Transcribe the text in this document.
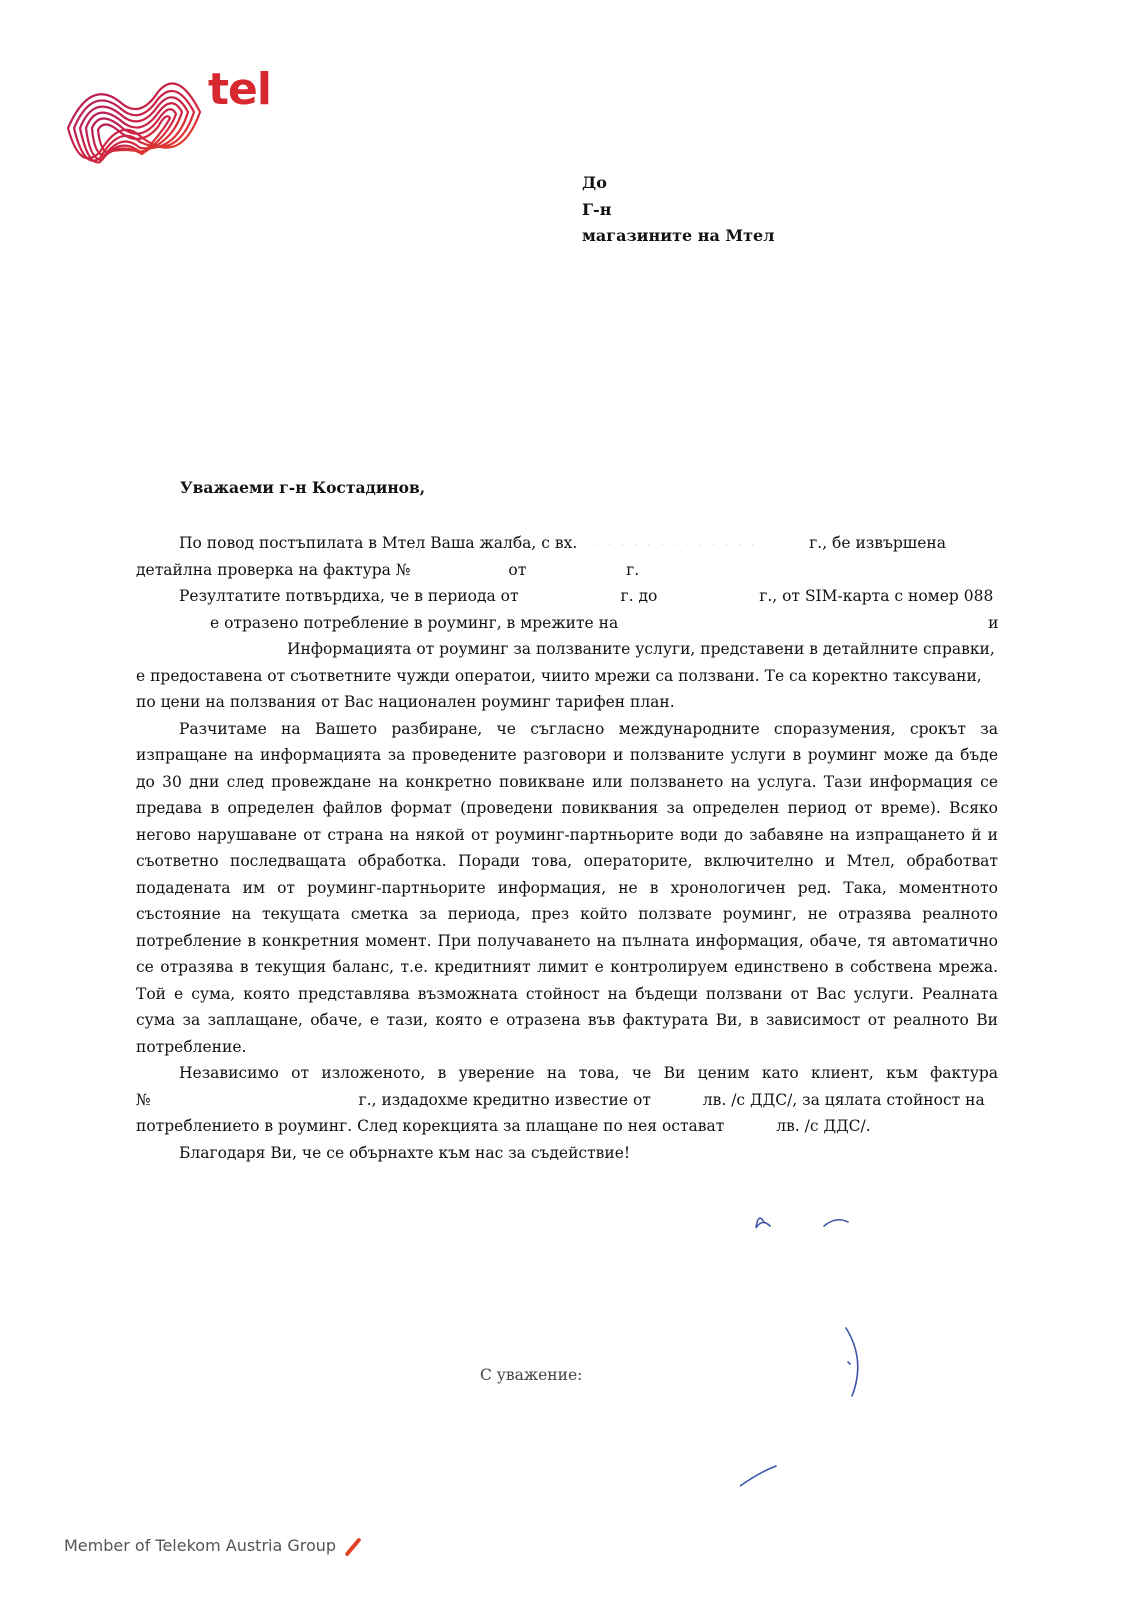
tel
До
Г-н
магазините на Мтел
Уважаеми г-н Костадинов,
По повод постъпилата в Мтел Ваша жалба, с вх. · · · · · · · · · · · · · ·	г., бе извършена
детайлна проверка на фактура №	от	г.
Резултатите потвърдиха, че в периода от	г. до	г., от SIM-карта с номер 088
е отразено потребление в роуминг, в мрежите на	и
Информацията от роуминг за ползваните услуги, представени в детайлните справки,
е предоставена от съответните чужди оператои, чиито мрежи са ползвани. Те са коректно таксувани,
по цени на ползвания от Вас национален роуминг тарифен план.

Разчитаме на Вашето разбиране, че съгласно международните споразумения, срокът за изпращане на информацията за проведените разговори и ползваните услуги в роуминг може да бъде до 30 дни след провеждане на конкретно повикване или ползването на услуга. Тази информация се предава в определен файлов формат (проведени повиквания за определен период от време). Всяко негово нарушаване от страна на някой от роуминг-партньорите води до забавяне на изпращането й и съответно последващата обработка. Поради това, операторите, включително и Мтел, обработват подадената им от роуминг-партньорите информация, не в хронологичен ред. Така, моментното състояние на текущата сметка за периода, през който ползвате роуминг, не отразява реалното потребление в конкретния момент. При получаването на пълната информация, обаче, тя автоматично се отразява в текущия баланс, т.е. кредитният лимит е контролируем единствено в собствена мрежа. Той е сума, която представлява възможната стойност на бъдещи ползвани от Вас услуги. Реалната сума за заплащане, обаче, е тази, която е отразена във фактурата Ви, в зависимост от реалното Ви потребление.

Независимо от изложеното, в уверение на това, че Ви ценим като клиент, към фактура

№	г., издадохме кредитно известие от	лв. /с ДДС/, за цялата стойност на
потреблението в роуминг. След корекцията за плащане по нея остават	лв. /с ДДС/.
Благодаря Ви, че се обърнахте към нас за съдействие!
С уважение:
Member of Telekom Austria Group
